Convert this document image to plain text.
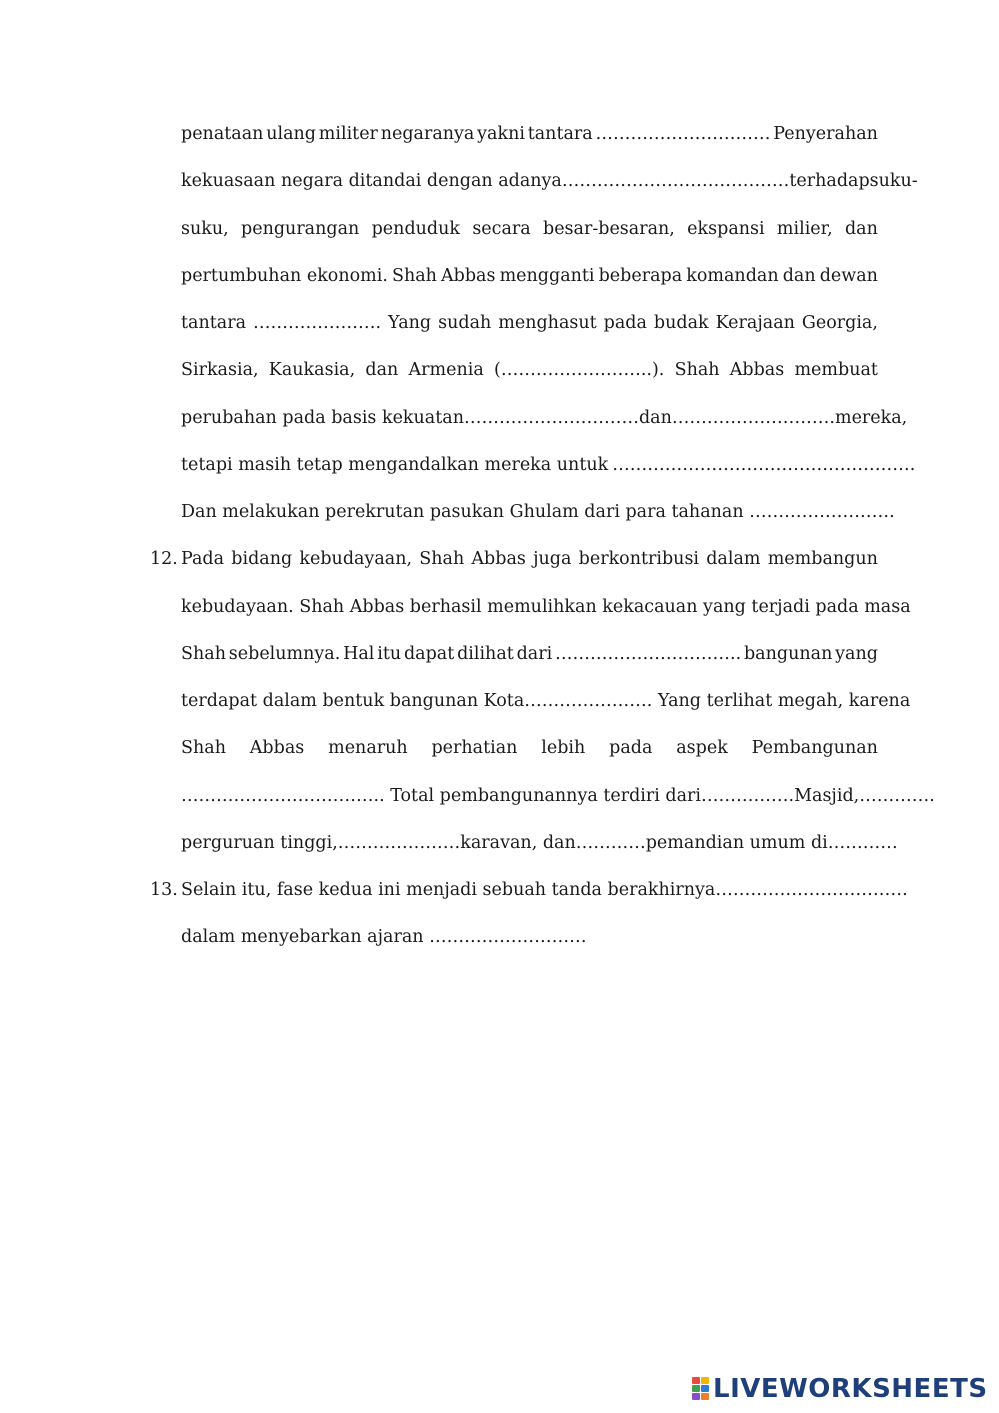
penataan ulang militer negaranya yakni tantara ………………………… Penyerahan
kekuasaan negara ditandai dengan adanya ………………………………… terhadap suku-
suku, pengurangan penduduk secara besar-besaran, ekspansi milier, dan
pertumbuhan ekonomi. Shah Abbas mengganti beberapa komandan dan dewan
tantara …………………. Yang sudah menghasut pada budak Kerajaan Georgia,
Sirkasia, Kaukasia, dan Armenia (……………………..). Shah Abbas membuat
perubahan pada basis kekuatan ………………………… dan ………………………. mereka,
tetapi masih tetap mengandalkan mereka untuk …………………………………………….
Dan melakukan perekrutan pasukan Ghulam dari para tahanan …………………….
Pada bidang kebudayaan, Shah Abbas juga berkontribusi dalam membangun
12.
kebudayaan. Shah Abbas berhasil memulihkan kekacauan yang terjadi pada masa
Shah sebelumnya. Hal itu dapat dilihat dari ………………………….. bangunan yang
terdapat dalam bentuk bangunan Kota …………………. Yang terlihat megah, karena
Shah Abbas menaruh perhatian lebih pada aspek Pembangunan
…………………………….. Total pembangunannya terdiri dari ……………. Masjid, ………….
perguruan tinggi, ………………… karavan, dan ………… pemandian umum di …………
Selain itu, fase kedua ini menjadi sebuah tanda berakhirnya ……………………………
13.
dalam menyebarkan ajaran ………………………
LIVEWORKSHEETS
